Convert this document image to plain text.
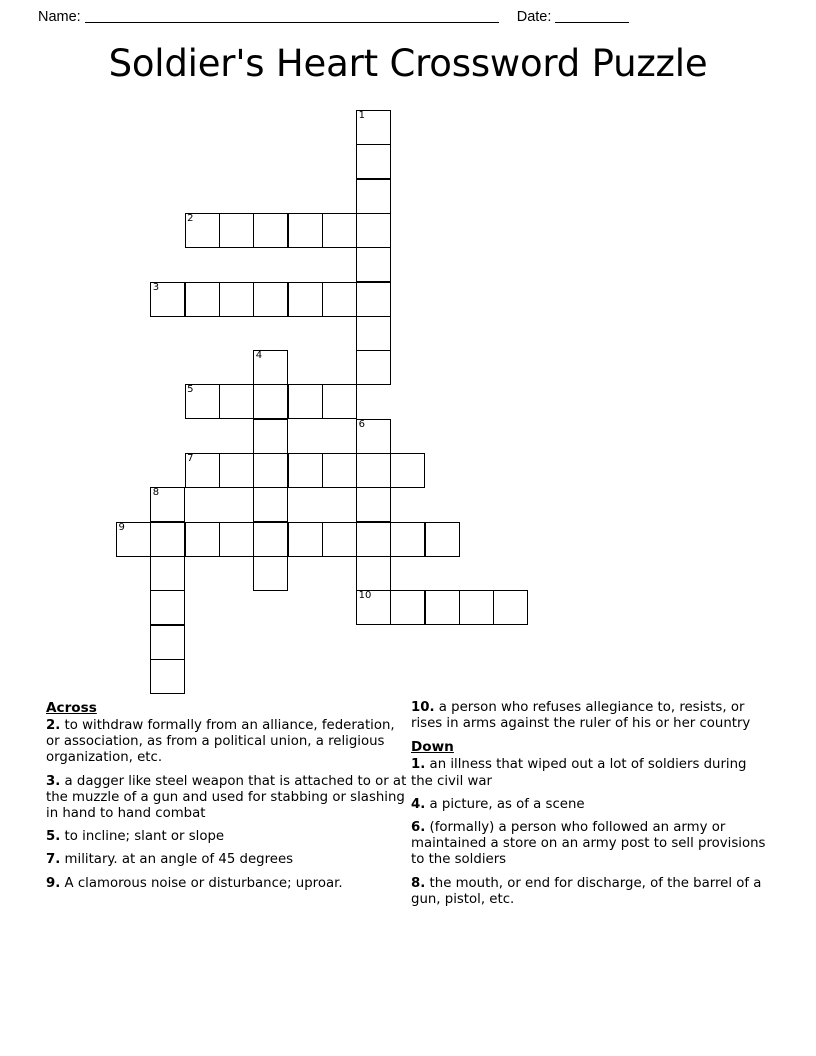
Name:	Date:
Soldier's Heart Crossword Puzzle
1
2
3
4
5
6
7
8
9
10
Across
2. to withdraw formally from an alliance, federation, or association, as from a political union, a religious organization, etc.
3. a dagger like steel weapon that is attached to or at the muzzle of a gun and used for stabbing or slashing in hand to hand combat
5. to incline; slant or slope
7. military. at an angle of 45 degrees
9. A clamorous noise or disturbance; uproar.
10. a person who refuses allegiance to, resists, or rises in arms against the ruler of his or her country
Down
1. an illness that wiped out a lot of soldiers during the civil war
4. a picture, as of a scene
6. (formally) a person who followed an army or maintained a store on an army post to sell provisions to the soldiers
8. the mouth, or end for discharge, of the barrel of a gun, pistol, etc.
